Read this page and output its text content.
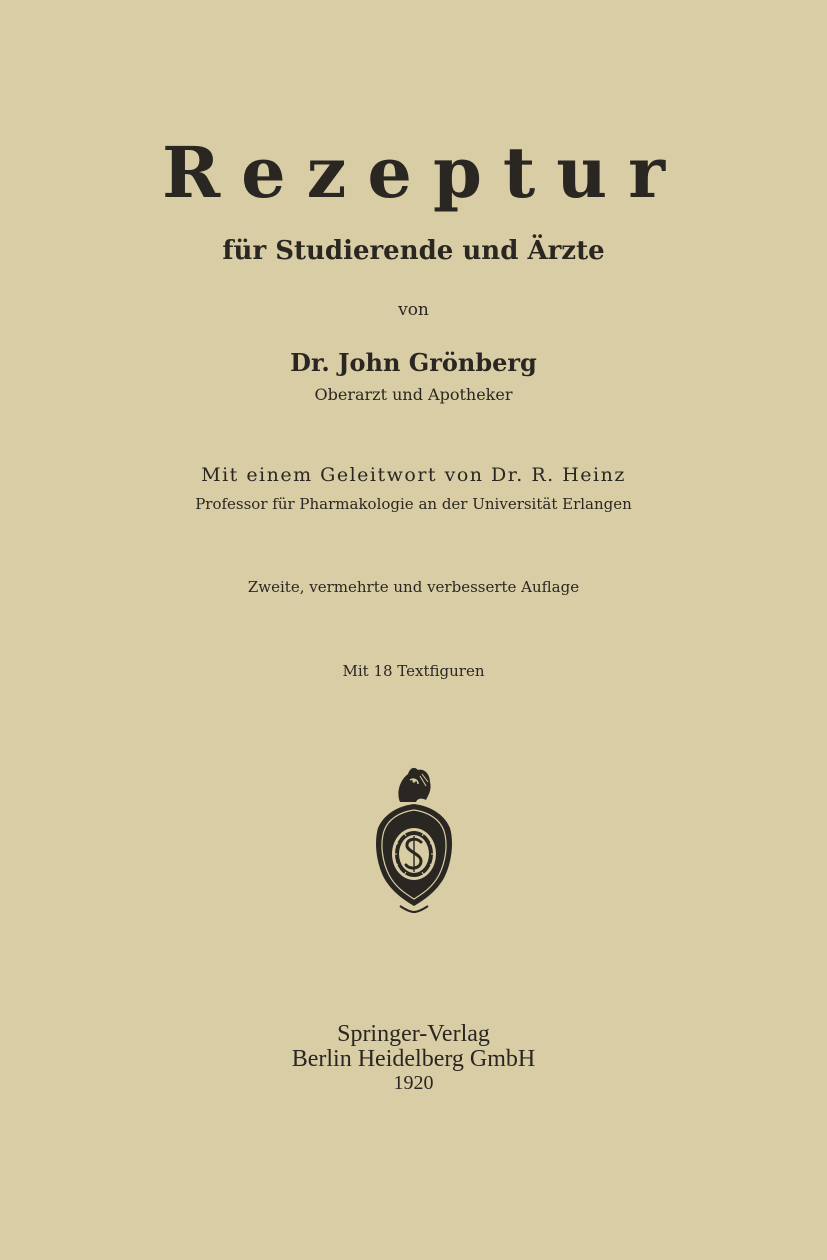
Rezeptur
für Studierende und Ärzte
von
Dr. John Grönberg
Oberarzt und Apotheker
Mit einem Geleitwort von Dr. R. Heinz
Professor für Pharmakologie an der Universität Erlangen
Zweite, vermehrte und verbesserte Auflage
Mit 18 Textfiguren
Springer-Verlag
Berlin Heidelberg GmbH
1920
